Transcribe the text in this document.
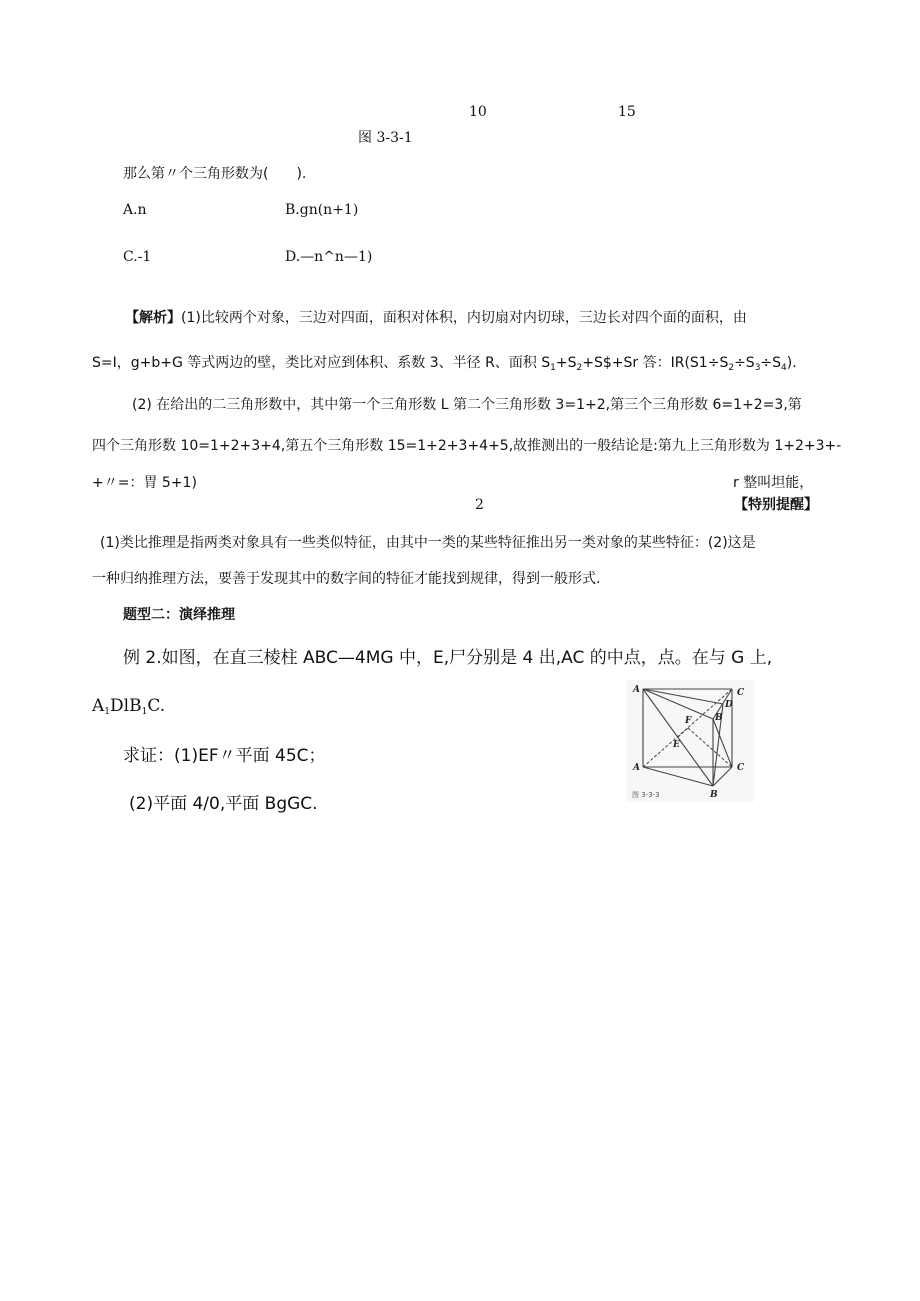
10	15
图 3-3-1
那么第〃个三角形数为(　　).
A.n	B.gn(n+1)
C.-1	D.—n^n—1)
【解析】(1)比较两个对象，三边对四面，面积对体积，内切扇对内切球，三边长对四个面的面积，由
S=I，g+b+G 等式两边的壁，类比对应到体积、系数 3、半径 R、面积 $S_1+S_2+S\$+Sr$ 答：$IR(S1\div S_2\div S_3\div S_4)$.
(2) 在给出的二三角形数中，其中第一个三角形数 L 第二个三角形数 3=1+2,第三个三角形数 6=1+2=3,第
四个三角形数 10=1+2+3+4,第五个三角形数 15=1+2+3+4+5,故推测出的一般结论是:第九上三角形数为 1+2+3+-
+〃=：胃 5+1)	r 整叫坦能，
2	【特别提醒】
(1)类比推理是指两类对象具有一些类似特征，由其中一类的某些特征推出另一类对象的某些特征：(2)这是
一种归纳推理方法，要善于发现其中的数字间的特征才能找到规律，得到一般形式.
题型二：演绎推理
例 2.如图，在直三棱柱 ABC—4MG 中，E,尸分别是 4 出,AC 的中点，点。在与 G 上,
$A_1DlB_1C$.
求证：(1)EF〃平面 45C；
(2)平面 4/0,平面 BgGC.
A	C
D
F	B
E
A	C
B
图 3-3-3
